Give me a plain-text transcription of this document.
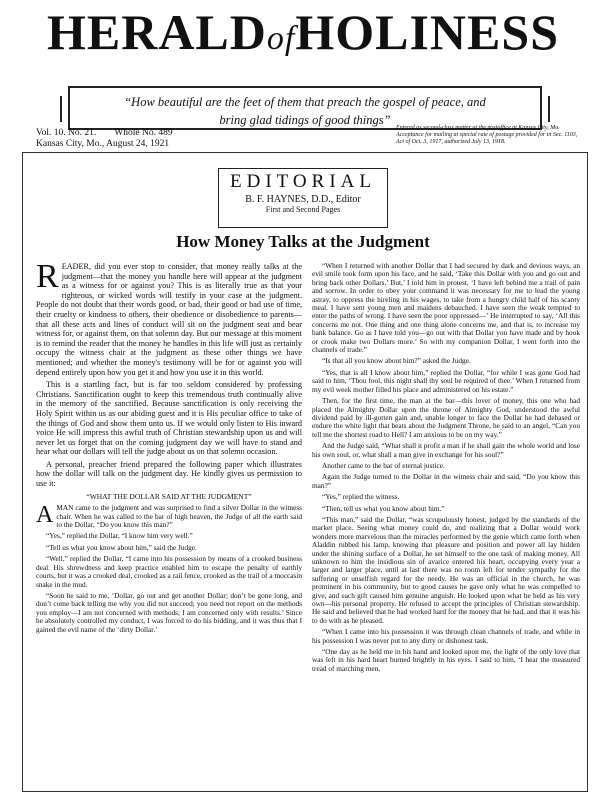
HERALDofHOLINESS
“How beautiful are the feet of them that preach the gospel of peace, and
bring glad tidings of good things”
Vol. 10. No. 21. Whole No. 489
Kansas City, Mo., August 24, 1921
Entered as second-class matter at the postoffice at Kansas City, Mo. Acceptance for mailing at special rate of postage provided for in Sec. 1103, Act of Oct. 3, 1917, authorized July 13, 1918.
EDITORIAL
B. F. HAYNES, D.D., Editor
First and Second Pages
How Money Talks at the Judgment

READER, did you ever stop to consider, that money really talks at the judgment—that the money you handle here will appear at the judgment as a witness for or against you? This is as literally true as that your righteous, or wicked words will testify in your case at the judgment. People do not doubt that their words good, or bad, their good or bad use of time, their cruelty or kindness to others, their obedience or disobedience to parents—that all these acts and lines of conduct will sit on the judgment seat and bear witness for, or against them, on that solemn day. But our message at this moment is to remind the reader that the money he handles in this life will just as certainly occupy the witness chair at the judgment as these other things we have mentioned; and whether the money's testimony will be for or against you will depend entirely upon how you get it and how you use it in this world.

This is a startling fact, but is far too seldom considered by professing Christians. Sanctification ought to keep this tremendous truth continually alive in the memory of the sanctified. Because sanctification is only receiving the Holy Spirit within us as our abiding guest and it is His peculiar office to take of the things of God and show them unto us. If we would only listen to His inward voice He will impress this awful truth of Christian stewardship upon us and will never let us forget that on the coming judgment day we will have to stand and hear what our dollars will tell the judge about us on that solemn occasion.

A personal, preacher friend prepared the following paper which illustrates how the dollar will talk on the judgment day. He kindly gives us permission to use it:

“WHAT THE DOLLAR SAID AT THE JUDGMENT”

AMAN came to the judgment and was surprised to find a silver Dollar in the witness chair. When he was called to the bar of high heaven, the Judge of all the earth said to the Dollar, “Do you know this man?”

“Yes,” replied the Dollar, “I know him very well.”

“Tell us what you know about him,” said the Judge.

“Well,” replied the Dollar, “I came into his possession by means of a crooked business deal. His shrewdness and keep practice enabled him to escape the penalty of earthly courts, but it was a crooked deal, crooked as a rail fence, crooked as the trail of a moccasin snake in the mud.

“Soon he said to me, ‘Dollar, go out and get another Dollar; don’t be gone long, and don’t come back telling me why you did not succeed; you need not report on the methods you employ—I am not concerned with methods; I am concerned only with results.’ Since he absolutely controlled my conduct, I was forced to do his bidding, and it was thus that I gained the evil name of the ‘dirty Dollar.’

“When I returned with another Dollar that I had secured by dark and devious ways, an evil smile took form upon his face, and he said, ‘Take this Dollar with you and go out and bring back other Dollars.’ But,’ I told him in protest, ‘I have left behind me a trail of pain and sorrow. In order to obey your command it was necessary for me to lead the young astray, to oppress the hireling in his wages, to take from a hungry child half of his scanty meal. I have sent young men and maidens debauched. I have seen the weak tempted to enter the paths of wrong. I have seen the poor oppressed—’ He interrupted to say, ‘All this concerns me not. One thing and one thing alone concerns me, and that is, to increase my bank balance. Go as I have told you—go out with that Dollar you have made and by hook or crook make two Dollars more.’ So with my companion Dollar, I went forth into the channels of trade.”

“Is that all you know about him?” asked the Judge.

“Yes, that is all I know about him,” replied the Dollar, “for while I was gone God had said to him, ‘Thou fool, this night shall thy soul be required of thee.’ When I returned from my evil week mother filled his place and administered on his estate.”

Then, for the first time, the man at the bar—this lover of money, this one who had placed the Almighty Dollar upon the throne of Almighty God, understood the awful dividend paid by ill-gotten gain and, unable longer to face the Dollar he had debased or endure the white light that beats about the Judgment Throne, he said to an angel, “Can you tell me the shortest road to Hell? I am anxious to be on my way.”

And the Judge said, “What shall it profit a man if he shall gain the whole world and lose his own soul, or, what shall a man give in exchange for his soul?”

Another came to the bar of eternal justice.

Again the Judge turned to the Dollar in the witness chair and said, “Do you know this man?”

“Yes,” replied the witness.

“Then, tell us what you know about him.”

“This man,” said the Dollar, “was scrupulously honest, judged by the standards of the market place. Seeing what money could do, and realizing that a Dollar would work wonders more marvelous than the miracles performed by the genie which came forth when Aladdin rubbed his lamp, knowing that pleasure and position and power all lay hidden under the shining surface of a Dollar, he set himself to the one task of making money. All unknown to him the insidious sin of avarice entered his heart, occupying every year a larger and larger place, until at last there was no room left for tender sympathy for the suffering or unselfish regard for the needy. He was an official in the church, he was prominent in his community, but to good causes he gave only what he was compelled to give, and each gift caused him genuine anguish. He looked upon what he held as his very own—his personal property. He refused to accept the principles of Christian stewardship. He said and believed that he had worked hard for the money that he had, and that it was his to do with as he pleased.

“When I came into his possession it was through clean channels of trade, and while in his possession I was never put to any dirty or dishonest task.

“One day as he held me in his hand and looked upon me, the light of the only love that was left in his hard heart burned brightly in his eyes. I said to him, ‘I hear the measured tread of marching men,
